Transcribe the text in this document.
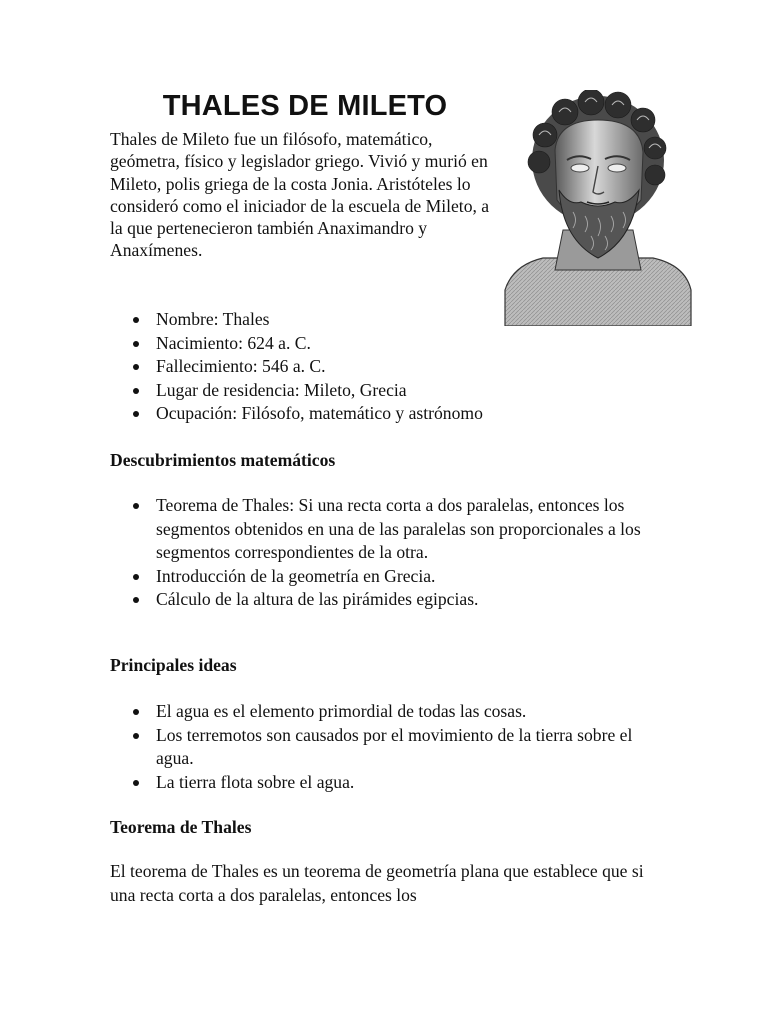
THALES DE MILETO

Thales de Mileto fue un filósofo, matemático, geómetra, físico y legislador griego. Vivió y murió en Mileto, polis griega de la costa Jonia. Aristóteles lo consideró como el iniciador de la escuela de Mileto, a la que pertenecieron también Anaximandro y Anaxímenes.

Nombre: Thales
Nacimiento: 624 a. C.
Fallecimiento: 546 a. C.
Lugar de residencia: Mileto, Grecia
Ocupación: Filósofo, matemático y astrónomo

Descubrimientos matemáticos

Teorema de Thales: Si una recta corta a dos paralelas, entonces los segmentos obtenidos en una de las paralelas son proporcionales a los segmentos correspondientes de la otra.
Introducción de la geometría en Grecia.
Cálculo de la altura de las pirámides egipcias.

Principales ideas

El agua es el elemento primordial de todas las cosas.
Los terremotos son causados por el movimiento de la tierra sobre el agua.
La tierra flota sobre el agua.

Teorema de Thales

El teorema de Thales es un teorema de geometría plana que establece que si una recta corta a dos paralelas, entonces los
